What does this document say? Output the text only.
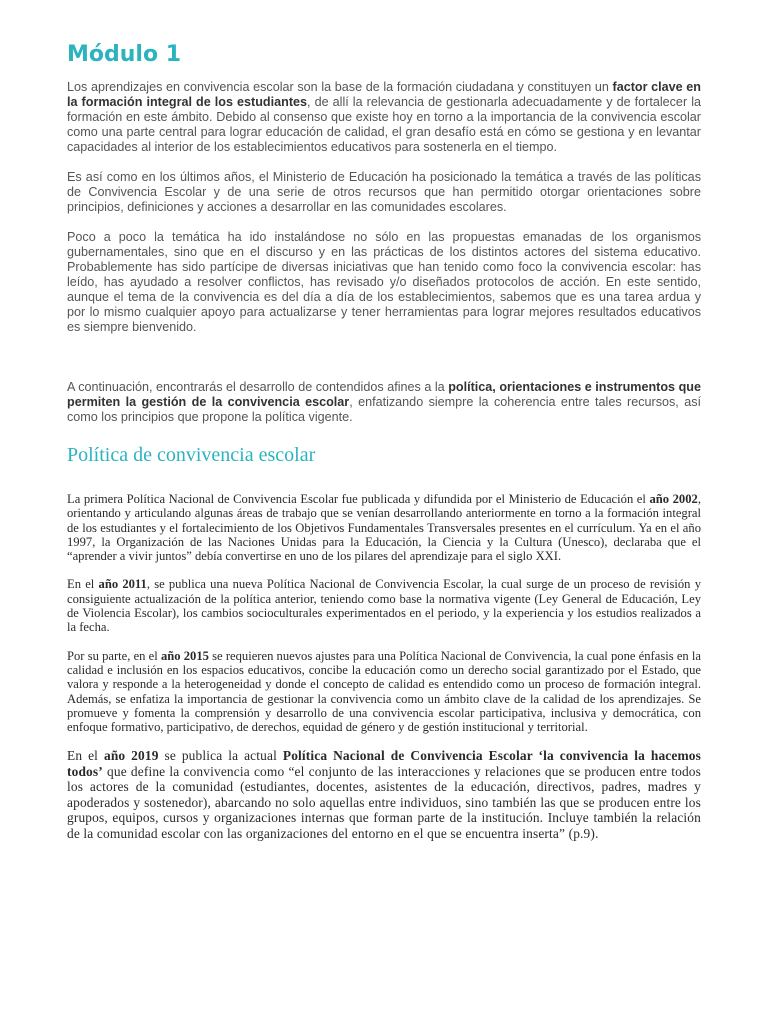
Módulo 1

Los aprendizajes en convivencia escolar son la base de la formación ciudadana y constituyen un factor clave en la formación integral de los estudiantes, de allí la relevancia de gestionarla adecuadamente y de fortalecer la formación en este ámbito. Debido al consenso que existe hoy en torno a la importancia de la convivencia escolar como una parte central para lograr educación de calidad, el gran desafío está en cómo se gestiona y en levantar capacidades al interior de los establecimientos educativos para sostenerla en el tiempo.

Es así como en los últimos años, el Ministerio de Educación ha posicionado la temática a través de las políticas de Convivencia Escolar y de una serie de otros recursos que han permitido otorgar orientaciones sobre principios, definiciones y acciones a desarrollar en las comunidades escolares.

Poco a poco la temática ha ido instalándose no sólo en las propuestas emanadas de los organismos gubernamentales, sino que en el discurso y en las prácticas de los distintos actores del sistema educativo. Probablemente has sido partícipe de diversas iniciativas que han tenido como foco la convivencia escolar: has leído, has ayudado a resolver conflictos, has revisado y/o diseñados protocolos de acción. En este sentido, aunque el tema de la convivencia es del día a día de los establecimientos, sabemos que es una tarea ardua y por lo mismo cualquier apoyo para actualizarse y tener herramientas para lograr mejores resultados educativos es siempre bienvenido.

A continuación, encontrarás el desarrollo de contendidos afines a la política, orientaciones e instrumentos que permiten la gestión de la convivencia escolar, enfatizando siempre la coherencia entre tales recursos, así como los principios que propone la política vigente.

Política de convivencia escolar

La primera Política Nacional de Convivencia Escolar fue publicada y difundida por el Ministerio de Educación el año 2002, orientando y articulando algunas áreas de trabajo que se venían desarrollando anteriormente en torno a la formación integral de los estudiantes y el fortalecimiento de los Objetivos Fundamentales Transversales presentes en el currículum. Ya en el año 1997, la Organización de las Naciones Unidas para la Educación, la Ciencia y la Cultura (Unesco), declaraba que el “aprender a vivir juntos” debía convertirse en uno de los pilares del aprendizaje para el siglo XXI.

En el año 2011, se publica una nueva Política Nacional de Convivencia Escolar, la cual surge de un proceso de revisión y consiguiente actualización de la política anterior, teniendo como base la normativa vigente (Ley General de Educación, Ley de Violencia Escolar), los cambios socioculturales experimentados en el periodo, y la experiencia y los estudios realizados a la fecha.

Por su parte, en el año 2015 se requieren nuevos ajustes para una Política Nacional de Convivencia, la cual pone énfasis en la calidad e inclusión en los espacios educativos, concibe la educación como un derecho social garantizado por el Estado, que valora y responde a la heterogeneidad y donde el concepto de calidad es entendido como un proceso de formación integral. Además, se enfatiza la importancia de gestionar la convivencia como un ámbito clave de la calidad de los aprendizajes. Se promueve y fomenta la comprensión y desarrollo de una convivencia escolar participativa, inclusiva y democrática, con enfoque formativo, participativo, de derechos, equidad de género y de gestión institucional y territorial.

En el año 2019 se publica la actual Política Nacional de Convivencia Escolar ‘la convivencia la hacemos todos’ que define la convivencia como “el conjunto de las interacciones y relaciones que se producen entre todos los actores de la comunidad (estudiantes, docentes, asistentes de la educación, directivos, padres, madres y apoderados y sostenedor), abarcando no solo aquellas entre individuos, sino también las que se producen entre los grupos, equipos, cursos y organizaciones internas que forman parte de la institución. Incluye también la relación de la comunidad escolar con las organizaciones del entorno en el que se encuentra inserta” (p.9).
